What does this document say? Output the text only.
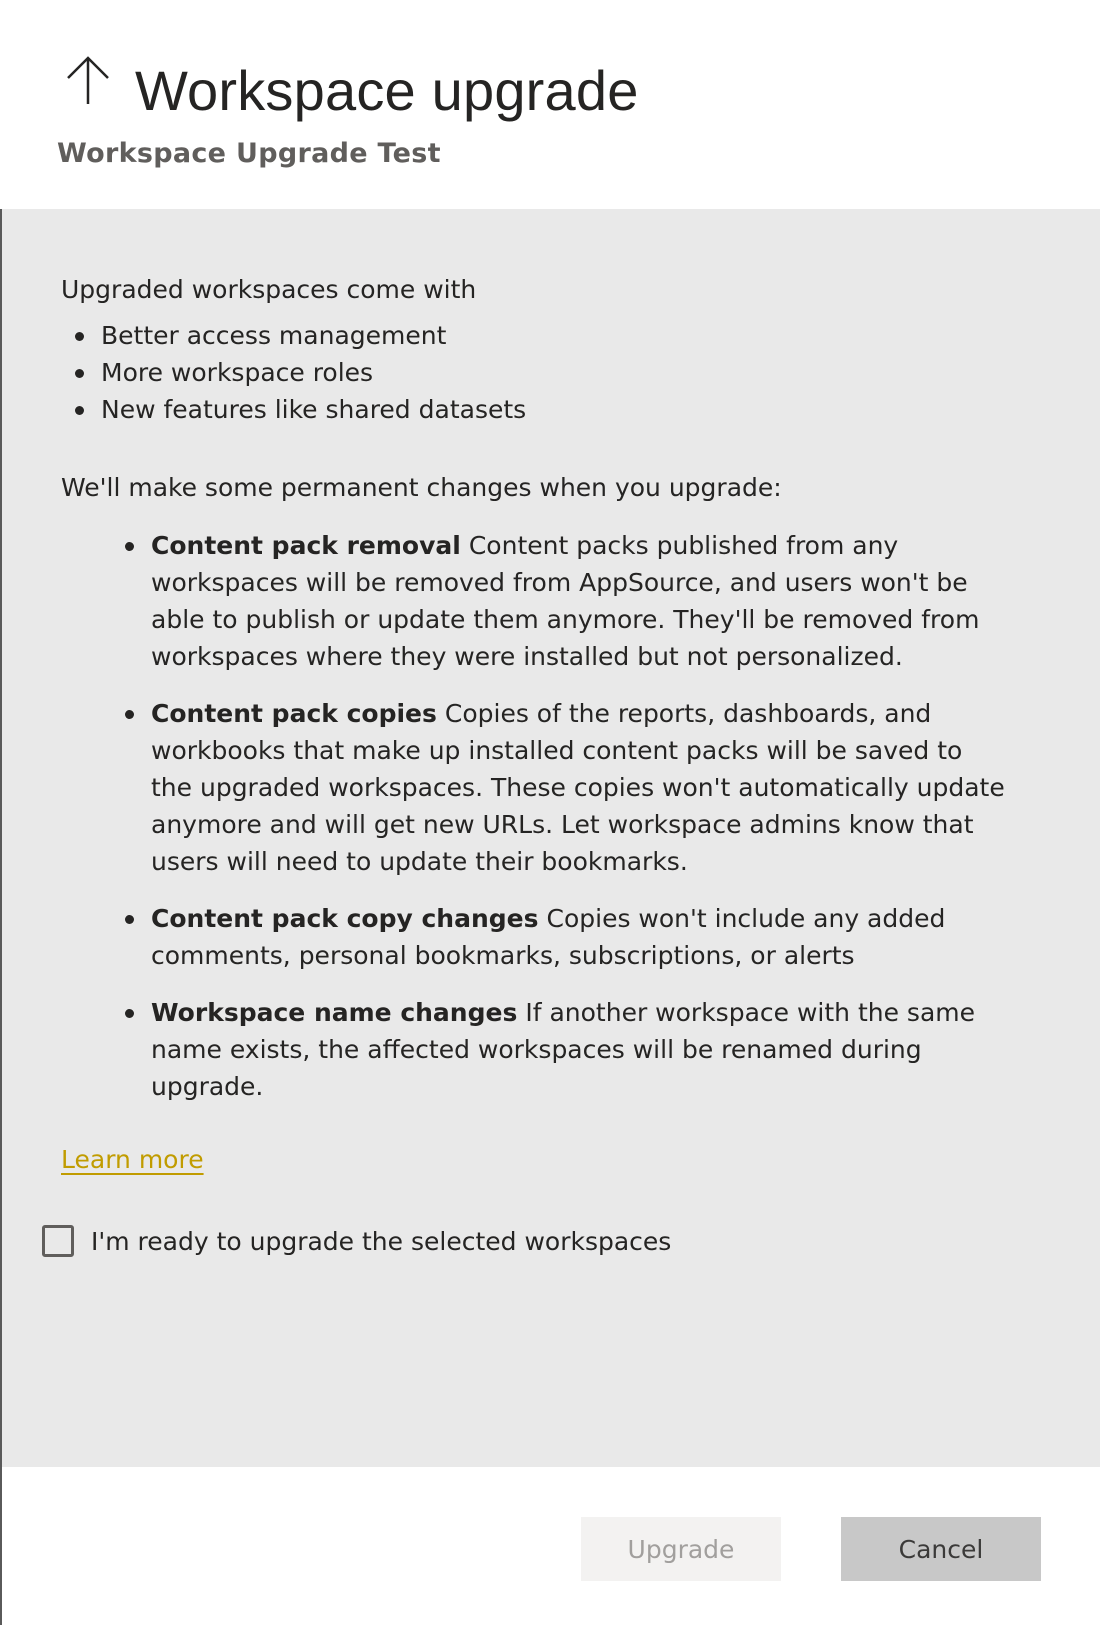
Workspace upgrade
Workspace Upgrade Test
Upgraded workspaces come with
Better access management
More workspace roles
New features like shared datasets
We'll make some permanent changes when you upgrade:
Content pack removal Content packs published from any workspaces will be removed from AppSource, and users won't be able to publish or update them anymore. They'll be removed from workspaces where they were installed but not personalized.
Content pack copies Copies of the reports, dashboards, and workbooks that make up installed content packs will be saved to the upgraded workspaces. These copies won't automatically update anymore and will get new URLs. Let workspace admins know that users will need to update their bookmarks.
Content pack copy changes Copies won't include any added comments, personal bookmarks, subscriptions, or alerts
Workspace name changes If another workspace with the same name exists, the affected workspaces will be renamed during upgrade.
Learn more
I'm ready to upgrade the selected workspaces
Upgrade	Cancel
